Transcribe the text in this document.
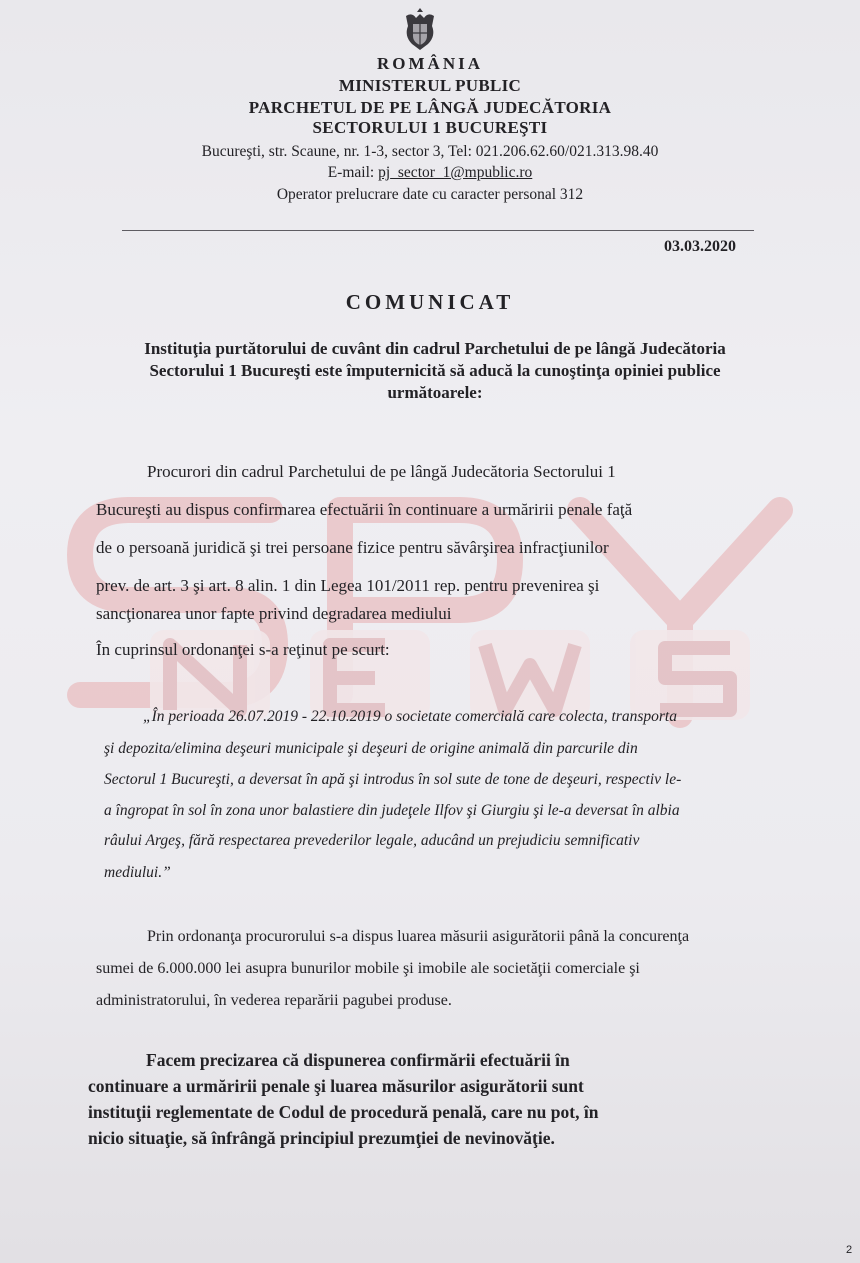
ROMÂNIA
MINISTERUL PUBLIC
PARCHETUL DE PE LÂNGĂ JUDECĂTORIA
SECTORULUI 1 BUCUREŞTI
Bucureşti, str. Scaune, nr. 1-3, sector 3, Tel: 021.206.62.60/021.313.98.40
E-mail: pj_sector_1@mpublic.ro
Operator prelucrare date cu caracter personal 312
03.03.2020
COMUNICAT
Instituţia purtătorului de cuvânt din cadrul Parchetului de pe lângă Judecătoria Sectorului 1 Bucureşti este împuternicită să aducă la cunoştinţa opiniei publice următoarele:
Procurori din cadrul Parchetului de pe lângă Judecătoria Sectorului 1
Bucureşti au dispus confirmarea efectuării în continuare a urmăririi penale faţă
de o persoană juridică şi trei persoane fizice pentru săvârşirea infracţiunilor
prev. de art. 3 şi art. 8 alin. 1 din Legea 101/2011 rep. pentru prevenirea şi
sancţionarea unor fapte privind degradarea mediului
În cuprinsul ordonanţei s-a reţinut pe scurt:
„În perioada 26.07.2019 - 22.10.2019 o societate comercială care colecta, transporta
şi depozita/elimina deşeuri municipale şi deşeuri de origine animală din parcurile din
Sectorul 1 Bucureşti, a deversat în apă şi introdus în sol sute de tone de deşeuri, respectiv le-
a îngropat în sol în zona unor balastiere din judeţele Ilfov şi Giurgiu şi le-a deversat în albia
râului Argeş, fără respectarea prevederilor legale, aducând un prejudiciu semnificativ
mediului.”
Prin ordonanţa procurorului s-a dispus luarea măsurii asigurătorii până la concurenţa
sumei de 6.000.000 lei asupra bunurilor mobile şi imobile ale societăţii comerciale şi
administratorului, în vederea reparării pagubei produse.
Facem precizarea că dispunerea confirmării efectuării în
continuare a urmăririi penale şi luarea măsurilor asigurătorii sunt
instituţii reglementate de Codul de procedură penală, care nu pot, în
nicio situaţie, să înfrângă principiul prezumţiei de nevinovăţie.
2
